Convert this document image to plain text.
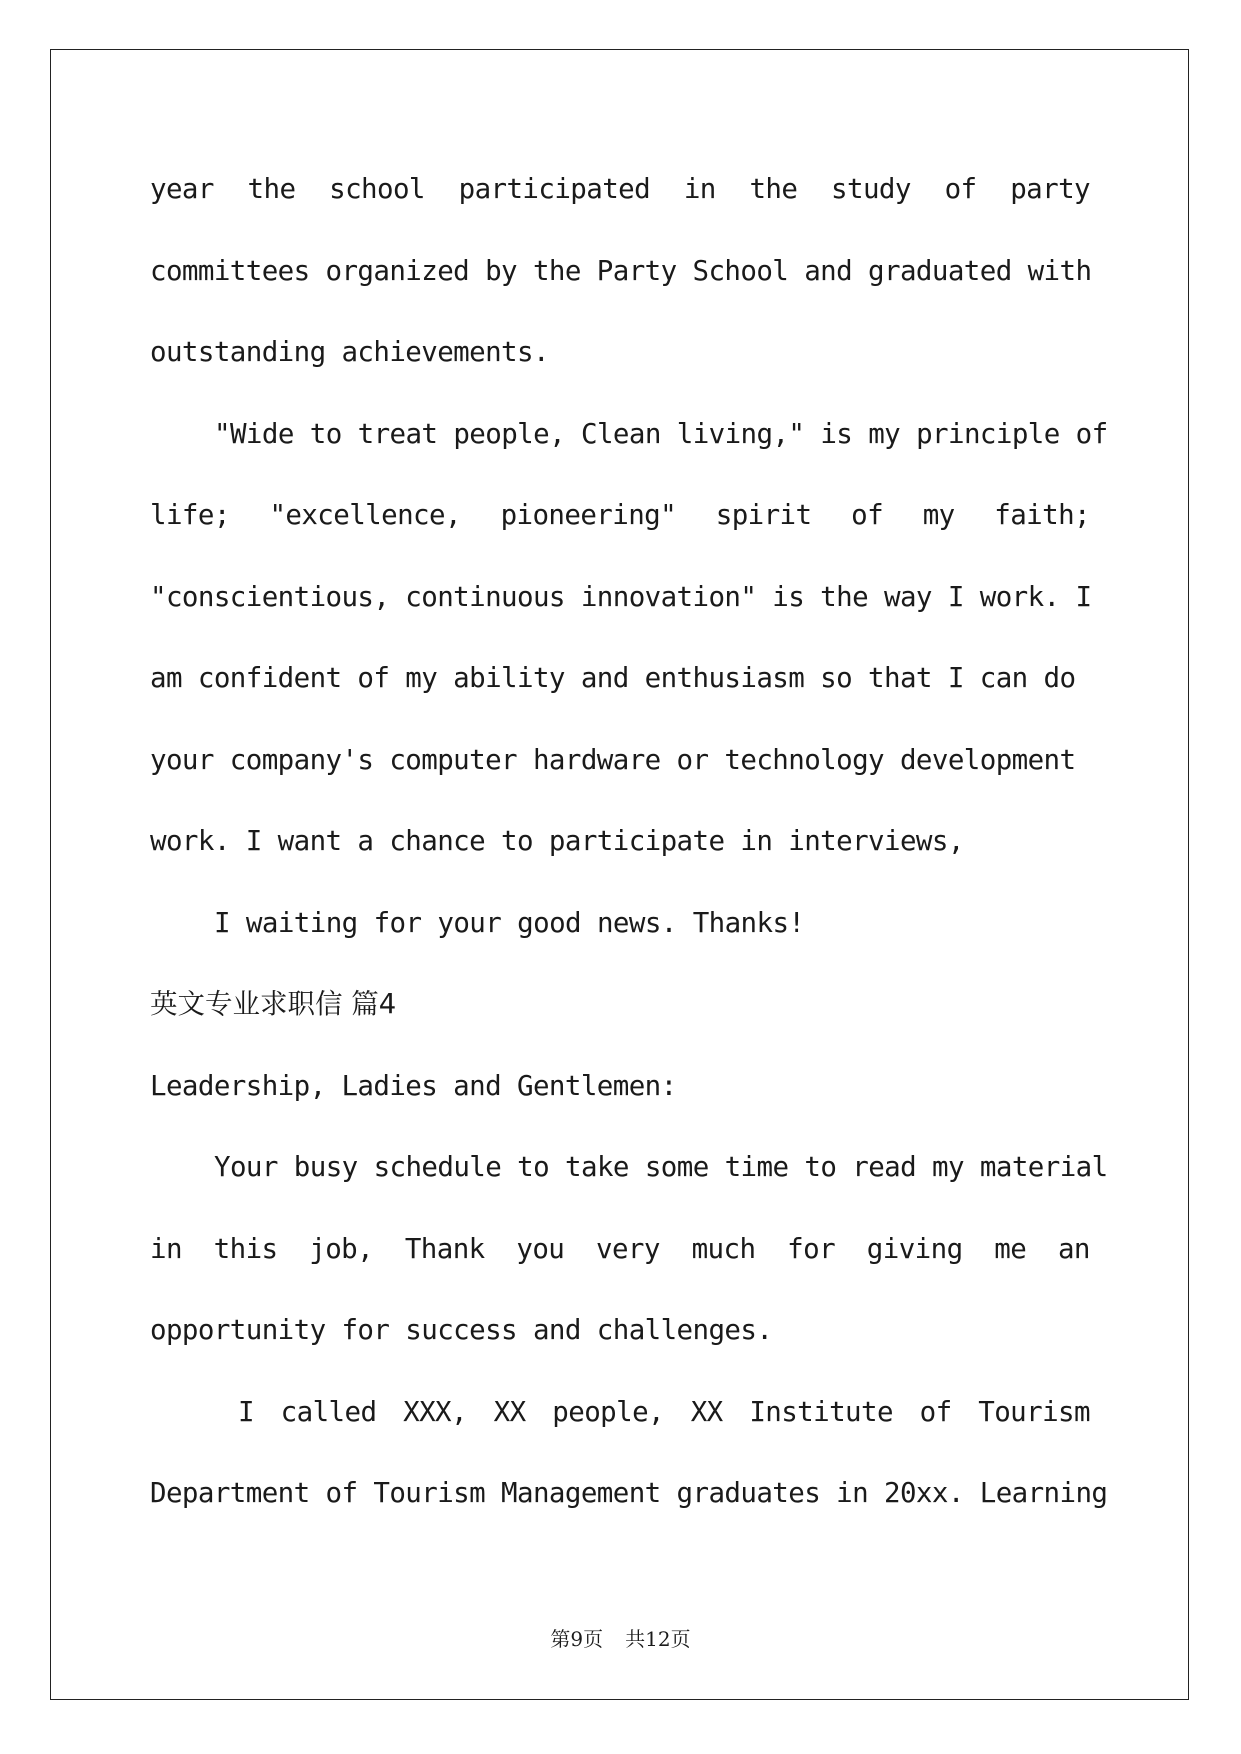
year the school participated in the study of party
committees organized by the Party School and graduated with
outstanding achievements.
"Wide to treat people, Clean living," is my principle of
life; "excellence, pioneering" spirit of my faith;
"conscientious, continuous innovation" is the way I work. I
am confident of my ability and enthusiasm so that I can do
your company's computer hardware or technology development
work. I want a chance to participate in interviews,
I waiting for your good news. Thanks!
英文专业求职信 篇4
Leadership, Ladies and Gentlemen:
Your busy schedule to take some time to read my material
in this job, Thank you very much for giving me an
opportunity for success and challenges.
I called XXX, XX people, XX Institute of Tourism
Department of Tourism Management graduates in 20xx. Learning
第9页 共12页
